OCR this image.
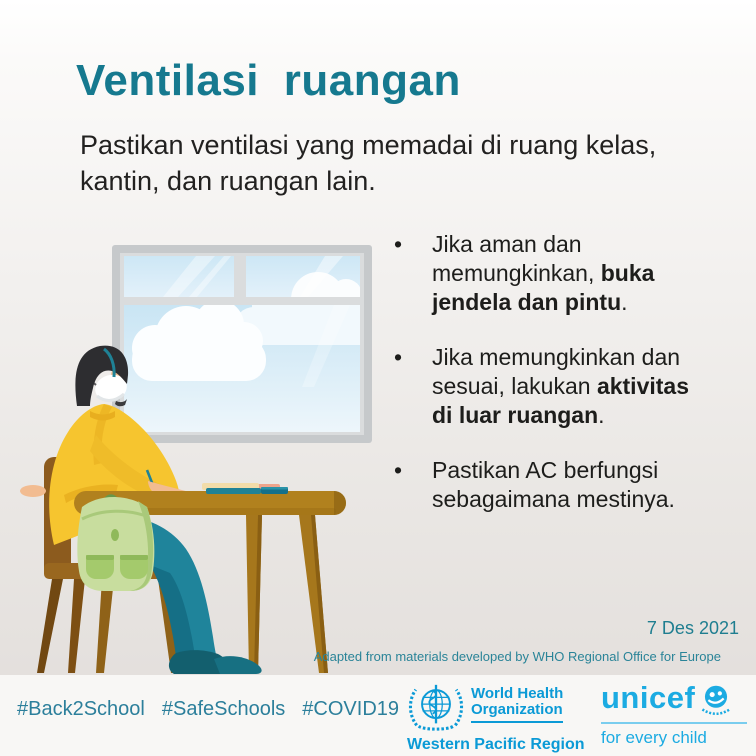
Ventilasi ruangan
Pastikan ventilasi yang memadai di ruang kelas,
kantin, dan ruangan lain.
•	Jika aman dan memungkinkan, buka jendela dan pintu.
•	Jika memungkinkan dan sesuai, lakukan aktivitas di luar ruangan.
•	Pastikan AC berfungsi sebagaimana mestinya.
7 Des 2021
Adapted from materials developed by WHO Regional Office for Europe
#Back2School #SafeSchools #COVID19
World Health
Organization
Western Pacific Region
unicef
for every child
